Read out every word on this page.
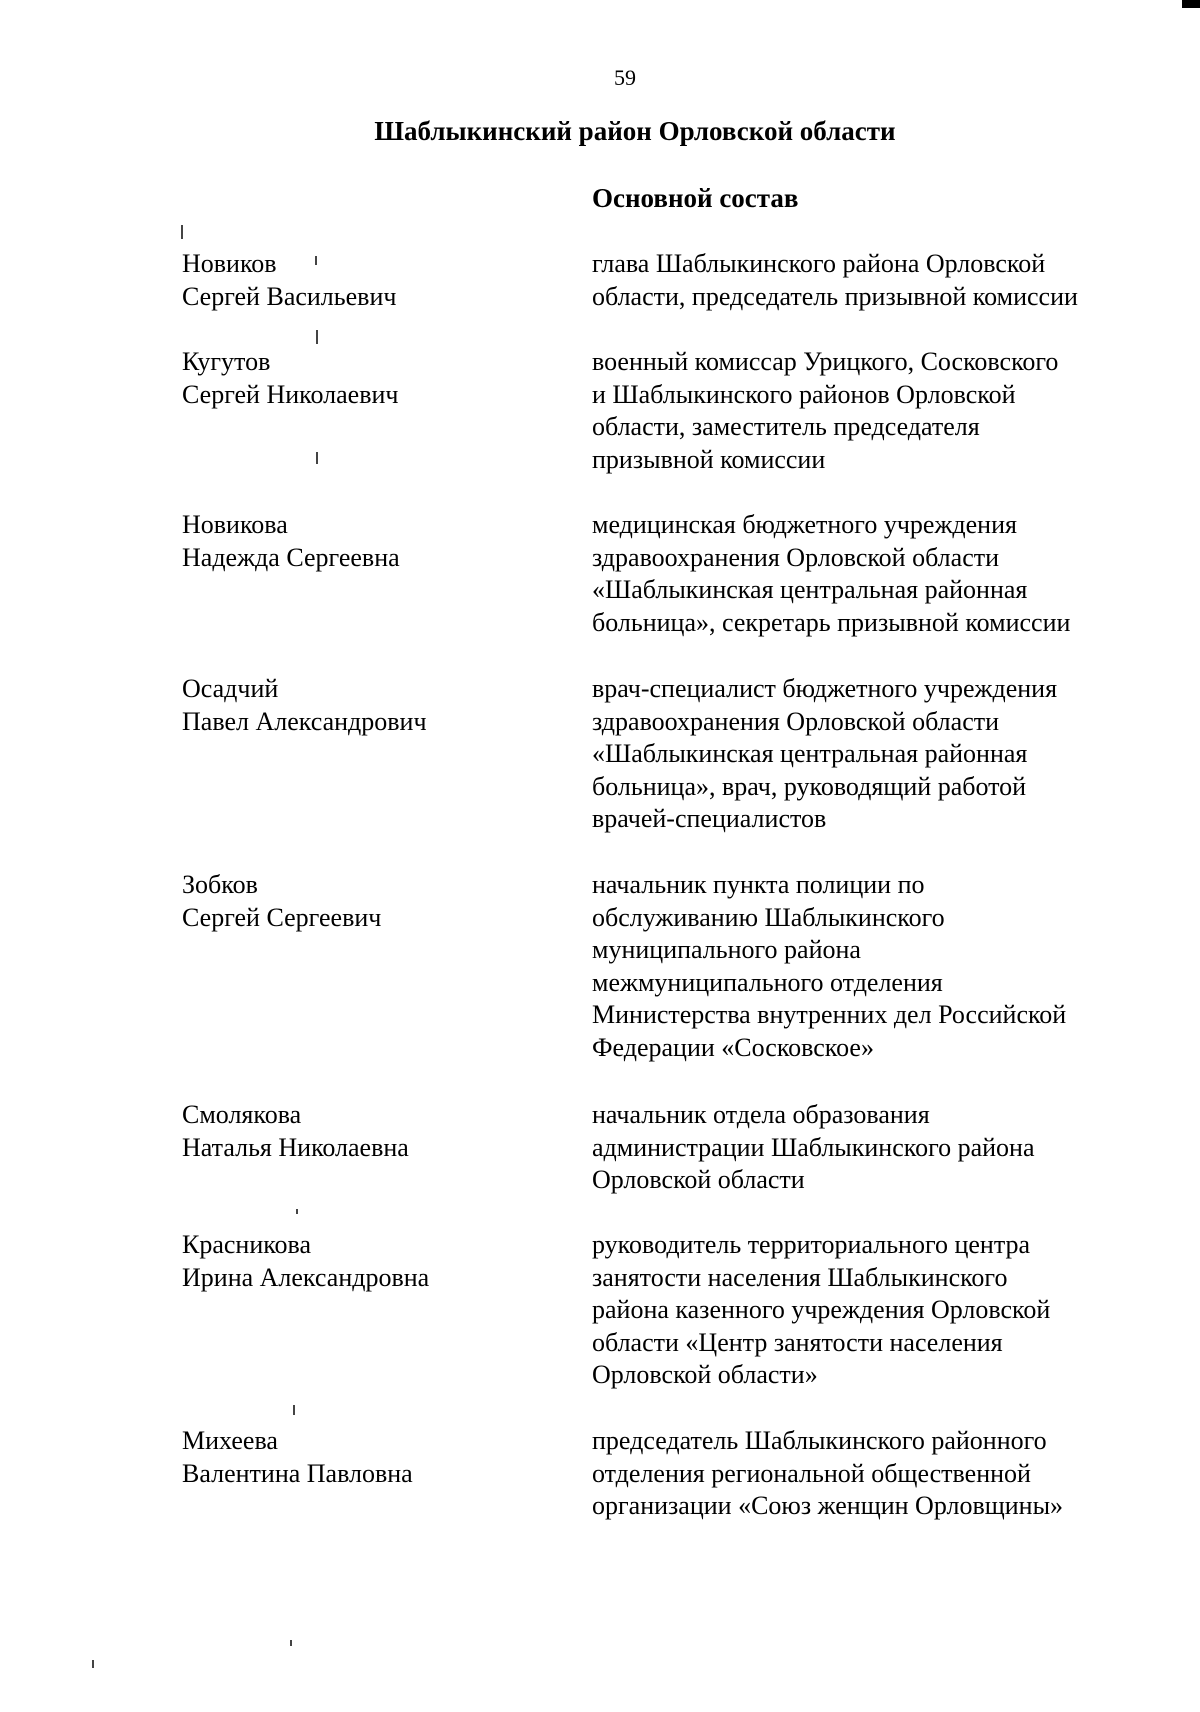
59
Шаблыкинский район Орловской области
Основной состав
Новиков
Сергей Васильевич
глава Шаблыкинского района Орловской
области, председатель призывной комиссии
Кугутов
Сергей Николаевич
военный комиссар Урицкого, Сосковского
и Шаблыкинского районов Орловской
области, заместитель председателя
призывной комиссии
Новикова
Надежда Сергеевна
медицинская бюджетного учреждения
здравоохранения Орловской области
«Шаблыкинская центральная районная
больница», секретарь призывной комиссии
Осадчий
Павел Александрович
врач-специалист бюджетного учреждения
здравоохранения Орловской области
«Шаблыкинская центральная районная
больница», врач, руководящий работой
врачей-специалистов
Зобков
Сергей Сергеевич
начальник пункта полиции по
обслуживанию Шаблыкинского
муниципального района
межмуниципального отделения
Министерства внутренних дел Российской
Федерации «Сосковское»
Смолякова
Наталья Николаевна
начальник отдела образования
администрации Шаблыкинского района
Орловской области
Красникова
Ирина Александровна
руководитель территориального центра
занятости населения Шаблыкинского
района казенного учреждения Орловской
области «Центр занятости населения
Орловской области»
Михеева
Валентина Павловна
председатель Шаблыкинского районного
отделения региональной общественной
организации «Союз женщин Орловщины»
